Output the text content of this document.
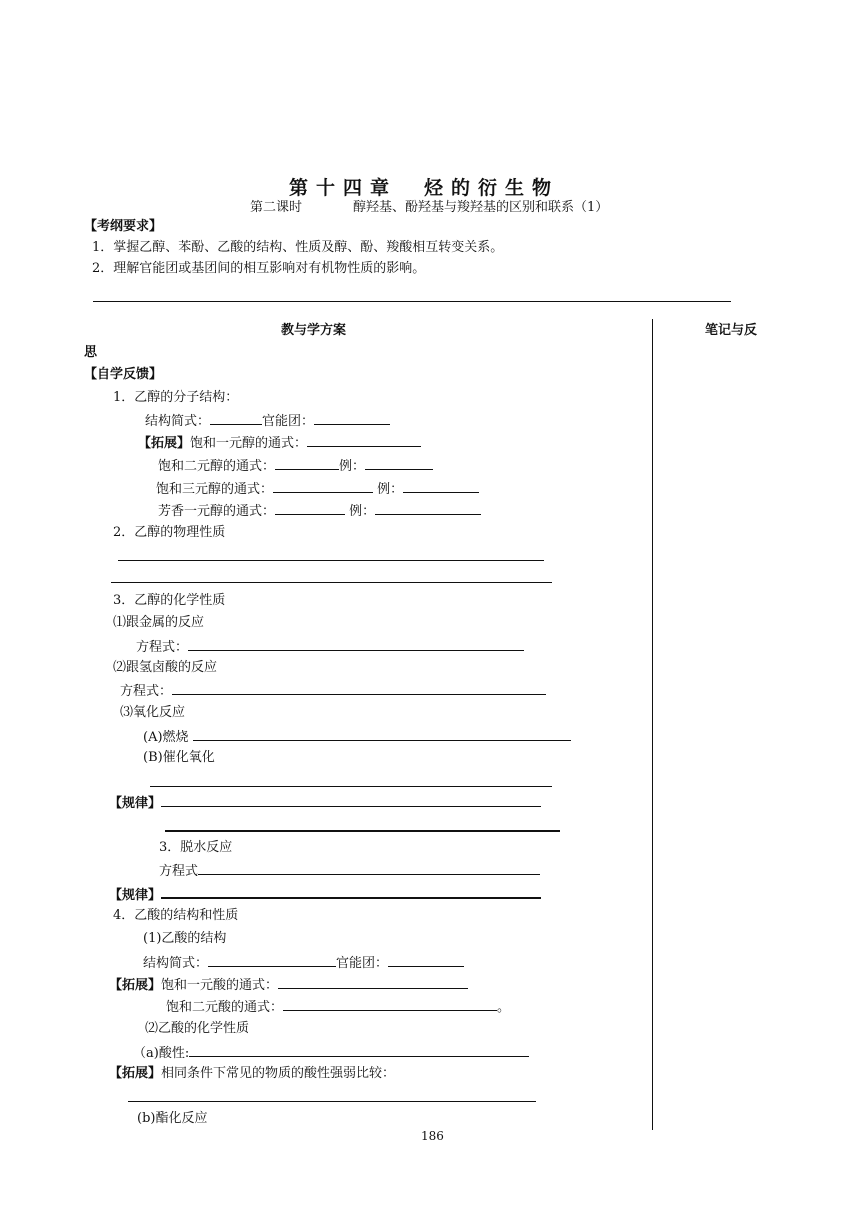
第十四章　烃的衍生物
第二课时	醇羟基、酚羟基与羧羟基的区别和联系（1）
【考纲要求】
1．掌握乙醇、苯酚、乙酸的结构、性质及醇、酚、羧酸相互转变关系。
2．理解官能团或基团间的相互影响对有机物性质的影响。
教与学方案	笔记与反
思
【自学反馈】
1．乙醇的分子结构：
结构简式：	官能团：
【拓展】饱和一元醇的通式：
饱和二元醇的通式：	例：
饱和三元醇的通式：	例：
芳香一元醇的通式：	例：
2．乙醇的物理性质
3．乙醇的化学性质
⑴跟金属的反应
方程式：
⑵跟氢卤酸的反应
方程式：
⑶氧化反应
(A)燃烧
(B)催化氧化
【规律】
3．脱水反应
方程式
【规律】
4．乙酸的结构和性质
(1)乙酸的结构
结构简式：	官能团：
【拓展】饱和一元酸的通式：
饱和二元酸的通式：	。
⑵乙酸的化学性质
（a)酸性:
【拓展】相同条件下常见的物质的酸性强弱比较：
(b)酯化反应
186
